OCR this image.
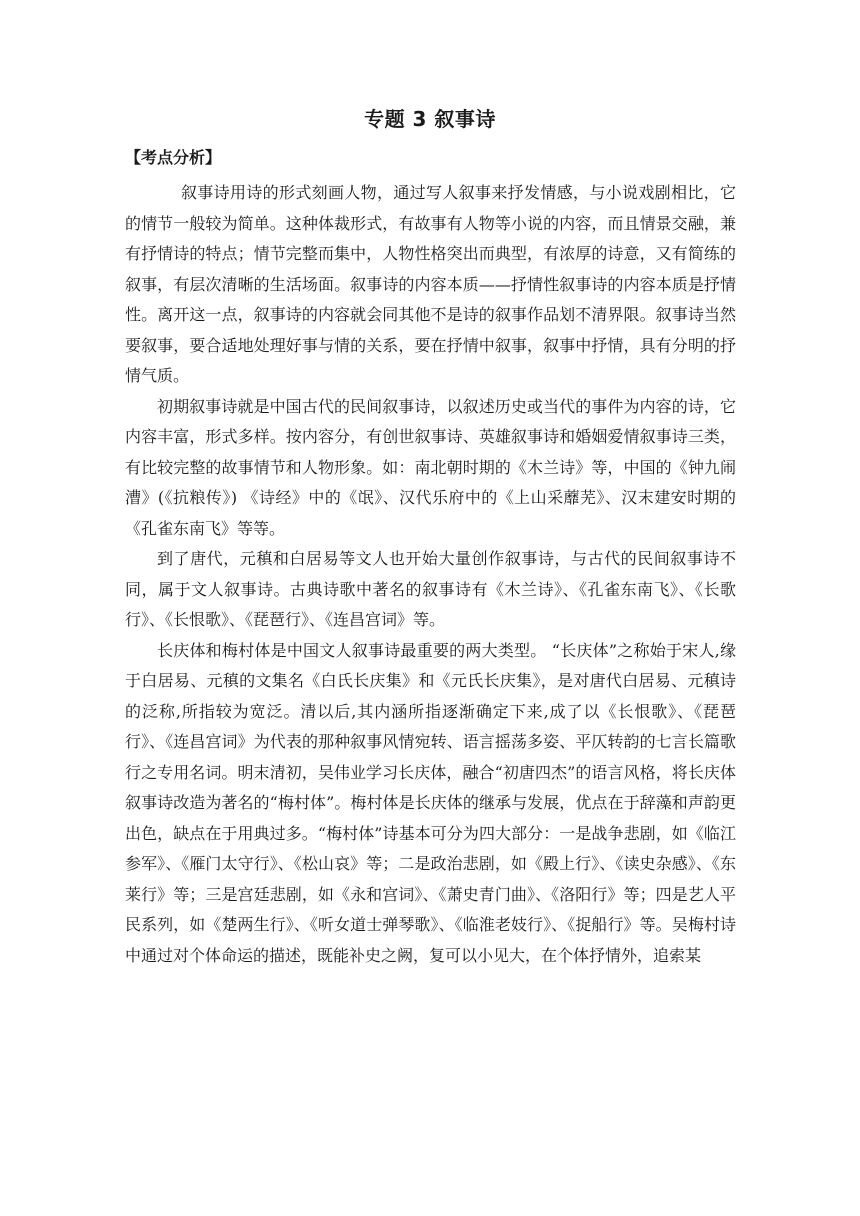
专题 3 叙事诗
【考点分析】

叙事诗用诗的形式刻画人物，通过写人叙事来抒发情感，与小说戏剧相比，它的情节一般较为简单。这种体裁形式，有故事有人物等小说的内容，而且情景交融，兼有抒情诗的特点；情节完整而集中，人物性格突出而典型，有浓厚的诗意，又有简练的叙事，有层次清晰的生活场面。叙事诗的内容本质——抒情性叙事诗的内容本质是抒情性。离开这一点，叙事诗的内容就会同其他不是诗的叙事作品划不清界限。叙事诗当然要叙事，要合适地处理好事与情的关系，要在抒情中叙事，叙事中抒情，具有分明的抒情气质。

初期叙事诗就是中国古代的民间叙事诗，以叙述历史或当代的事件为内容的诗，它内容丰富，形式多样。按内容分，有创世叙事诗、英雄叙事诗和婚姻爱情叙事诗三类，有比较完整的故事情节和人物形象。如：南北朝时期的《木兰诗》等，中国的《钟九闹漕》(《抗粮传》) 《诗经》中的《氓》、汉代乐府中的《上山采蘼芜》、汉末建安时期的《孔雀东南飞》等等。

到了唐代，元稹和白居易等文人也开始大量创作叙事诗，与古代的民间叙事诗不同，属于文人叙事诗。古典诗歌中著名的叙事诗有《木兰诗》、《孔雀东南飞》、《长歌行》、《长恨歌》、《琵琶行》、《连昌宫词》等。

长庆体和梅村体是中国文人叙事诗最重要的两大类型。 “长庆体”之称始于宋人,缘于白居易、元稹的文集名《白氏长庆集》和《元氏长庆集》，是对唐代白居易、元稹诗的泛称,所指较为宽泛。清以后,其内涵所指逐渐确定下来,成了以《长恨歌》、《琵琶行》、《连昌宫词》为代表的那种叙事风情宛转、语言摇荡多姿、平仄转韵的七言长篇歌行之专用名词。明末清初，吴伟业学习长庆体，融合“初唐四杰”的语言风格，将长庆体叙事诗改造为著名的“梅村体”。梅村体是长庆体的继承与发展，优点在于辞藻和声韵更出色，缺点在于用典过多。“梅村体”诗基本可分为四大部分：一是战争悲剧，如《临江参军》、《雁门太守行》、《松山哀》等；二是政治悲剧，如《殿上行》、《读史杂感》、《东莱行》等；三是宫廷悲剧，如《永和宫词》、《萧史青门曲》、《洛阳行》等；四是艺人平民系列，如《楚两生行》、《听女道士弹琴歌》、《临淮老妓行》、《捉船行》等。吴梅村诗中通过对个体命运的描述，既能补史之阙，复可以小见大，在个体抒情外，追索某
